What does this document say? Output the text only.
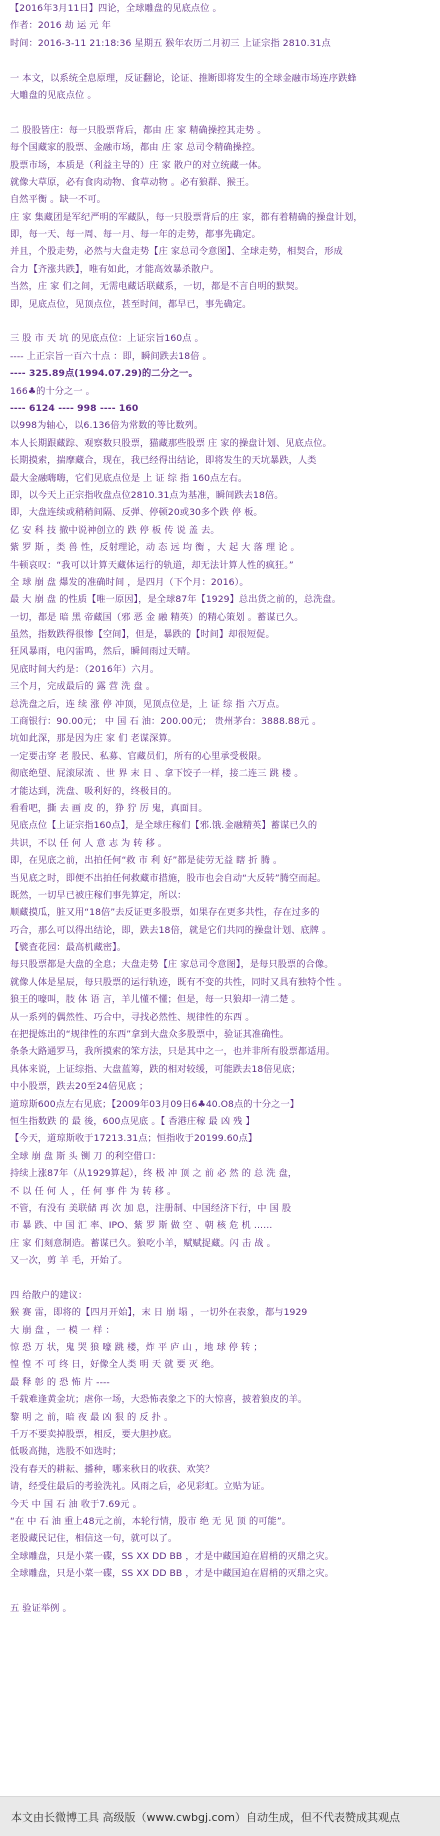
【2016年3月11日】四论，全球雕盘的见底点位 。
作者：2016 劫 运 元 年
时间：2016-3-11 21:18:36 星期五 猴年农历二月初三 上证宗指 2810.31点
一 本文，以系统全息原理，反证翻论，论证、推断即将发生的全球金融市场连序跌蜂
大雕盘的见底点位 。
二 股股皆庄：每一只股票背后，都由 庄 家 精确操控其走势 。
每个国藏家的股票、金融市场，都由 庄 家 总司令精确操控。
股票市场，本质是（利益主导的）庄 家 散户的对立统藏一体。
就像大草原，必有食肉动物、食草动物 。必有狼群、猴王。
自然平衡 。缺一不可。
庄 家 集藏团是军纪严明的军藏队，每一只股票背后的庄 家，都有着精确的操盘计划，
即，每一天、每一周、每一月、每一年的走势，都事先确定。
并且，个股走势，必然与大盘走势【庄 家总司令意图】、全球走势，相契合，形成
合力【齐涨共跌】，唯有如此，才能高效暴杀散户。
当然，庄 家 们之间，无需电藏话联藏系，一切，都是不言自明的默契。
即，见底点位，见顶点位，甚至时间，都早已，事先确定。
三 股 市 天 坑 的见底点位：上证宗旨160点 。
---- 上正宗旨一百六十点 ：即，瞬间跌去18倍 。
---- 325.89点(1994.07.29)的二分之一。
166♣的十分之一 。
---- 6124 ---- 998 ---- 160
以998为轴心，以6.136倍为常数的等比数列。
本人长期跟藏踪、观察数只股票，猫藏那些股票 庄 家的操盘计划、见底点位。
长期摸索，揣摩藏合，现在，我已经得出结论，即将发生的天坑暴跌，人类
最大金融嗨嗨，它们见底点位是 上 证 综 指 160点左右。
即，以今天上正宗指收盘点位2810.31点为基准，瞬间跌去18倍。
即，大盘连续或稍稍间隔、反弹、停顿20或30多个跌 停 板。
亿 安 科 技 撤中说神创立的 跌 停 板 传 说 盖 去。
紫 罗 斯 ，类 兽 性，反射理论，动 态 远 均 衡 ，大 起 大 落 理 论 。
牛顿哀叹：“我可以计算天藏体运行的轨道，却无法计算人性的疯狂。”
全 球 崩 盘 爆发的准确时间 ，是四月（下个月：2016）。
最 大 崩 盘 的性质【唯一原因】，是全球87年【1929】总出货之前的，总洗盘。
一切，都是 暗 黑 帝藏国（邪 恶 金 融 精英）的精心策划 。蓄谋已久。
虽然，指数跌得很惨【空间】，但是，暴跌的【时间】却很短促。
狂风暴雨，电闪雷鸣，然后，瞬间雨过天晴。
见底时间大约是：（2016年）六月。
三个月，完成最后的 露 营 洗 盘 。
总洗盘之后，连 续 涨 停 冲顶，见顶点位是，上 证 综 指 六万点。
工商银行：90.00元； 中 国 石 油：200.00元； 贵州茅台：3888.88元 。
坑如此深，那是因为庄 家 们 老谋深算。
一定要击穿 老 股民、私募、官藏员们，所有的心里承受极限。
彻底绝望、屁滚尿流 、世 界 末 日 、拿下饺子一样，接二连三 跳 楼 。
才能达到，洗盘、吸利好的，终极目的。
看看吧，撕 去 画 皮 的，狰 狞 厉 鬼，真面目。
见底点位【上证宗指160点】，是全球庄稼们【邪.饿.金融精英】蓄谋已久的
共识，不以 任 何 人 意 志 为 转 移 。
即，在见底之前，出拍任何“救 市 利 好”都是徒劳无益 瞎 折 腾 。
当见底之时，即便不出拍任何救藏市措施，股市也会自动“大反转”腾空而起。
既然，一切早已被庄稼们事先算定，所以：
顺藏摸瓜，脏又用“18倍”去反证更多股票，如果存在更多共性，存在过多的
巧合，那么可以得出结论，即，跌去18倍，就是它们共同的操盘计划、底牌 。
【襞査花园：最高机藏密】。
每只股票都是大盘的全息；大盘走势【庄 家总司令意图】，是每只股票的合像。
就像人体是星辰，每只股票的运行轨迹，既有不变的共性，同时又具有独特个性 。
狼王的嚎叫，肢 体 语 言，羊儿懂不懂；但是，每一只狼却一清二楚 。
从一系列的偶然性、巧合中，寻找必然性、规律性的东西 。
在把提炼出的“规律性的东西”拿到大盘众多股票中，验证其准确性。
条条大路通罗马，我所摸索的笨方法，只是其中之一，也并非所有股票都适用。
具体来说，上证综指、大盘蓝筹，跌的相对较缓，可能跌去18倍见底；
中小股票，跌去20至24倍见底 ；
道琼斯600点左右见底；【2009年03月09日6♣40.O8点的十分之一】
恒生指数跌 的 最 後，600点见底 。【 香港庄稼 最 凶 残 】
【今天，道琼斯收于17213.31点；恒指收于20199.60点】
全球 崩 盘 斯 头 铡 刀 的利空借口：
持续上涨87年（从1929算起），终 极 冲 顶 之 前 必 然 的 总 洗 盘，
不 以 任 何 人 ，任 何 事 件 为 转 移 。
不管，有没有 美联储 再 次 加 息，注册制、中国经济下行，中 国 股
市 暴 跌、中 国 汇 率、IPO、紫 罗 斯 做 空 、朝 核 危 机 ……
庄 家 们刻意制造。蓄谋已久。狼吃小羊，赋赋捉藏。闪 击 战 。
又一次，剪 羊 毛，开始了。
四 给散户的建议：
猴 赛 雷，即将的【四月开始】，末 日 崩 塌 ，一切外在表象，都与1929
大 崩 盘 ，一 模 一 样 ：
惊 恐 万 状，鬼 哭 狼 嚎 跳 楼，炸 平 庐 山 ，地 球 停 转 ；
惶 惶 不 可 终 日，好像全人类 明 天 就 要 灭 绝。
最 释 彰 的 恐 怖 片 ----
千载难逢黄金坑；虐你一场，大恐怖表象之下的大惊喜，披着狼皮的羊。
黎 明 之 前，暗 夜 最 凶 狠 的 反 扑 。
千万不要卖掉股票，相反，要大胆抄底。
低吸高抛，选股不如选时；
没有春天的耕耘、播种，哪来秋日的收获、欢笑？
请，经受住最后的考验洗礼。风雨之后，必见彩虹。立贴为证。
今天 中 国 石 油 收于7.69元 。
“在 中 石 油 重上48元之前，本轮行情，股市 绝 无 见 顶 的可能”。
老股藏民记住，相信这一句，就可以了。
全球雕盘，只是小菜一碟，SS XX DD BB ，才是中藏国迫在眉梢的灭鼎之灾。
全球雕盘，只是小菜一碟，SS XX DD BB ，才是中藏国迫在眉梢的灭鼎之灾。
五 验证举例 。
本文由长微博工具 高级版（www.cwbgj.com）自动生成，但不代表赞成其观点
